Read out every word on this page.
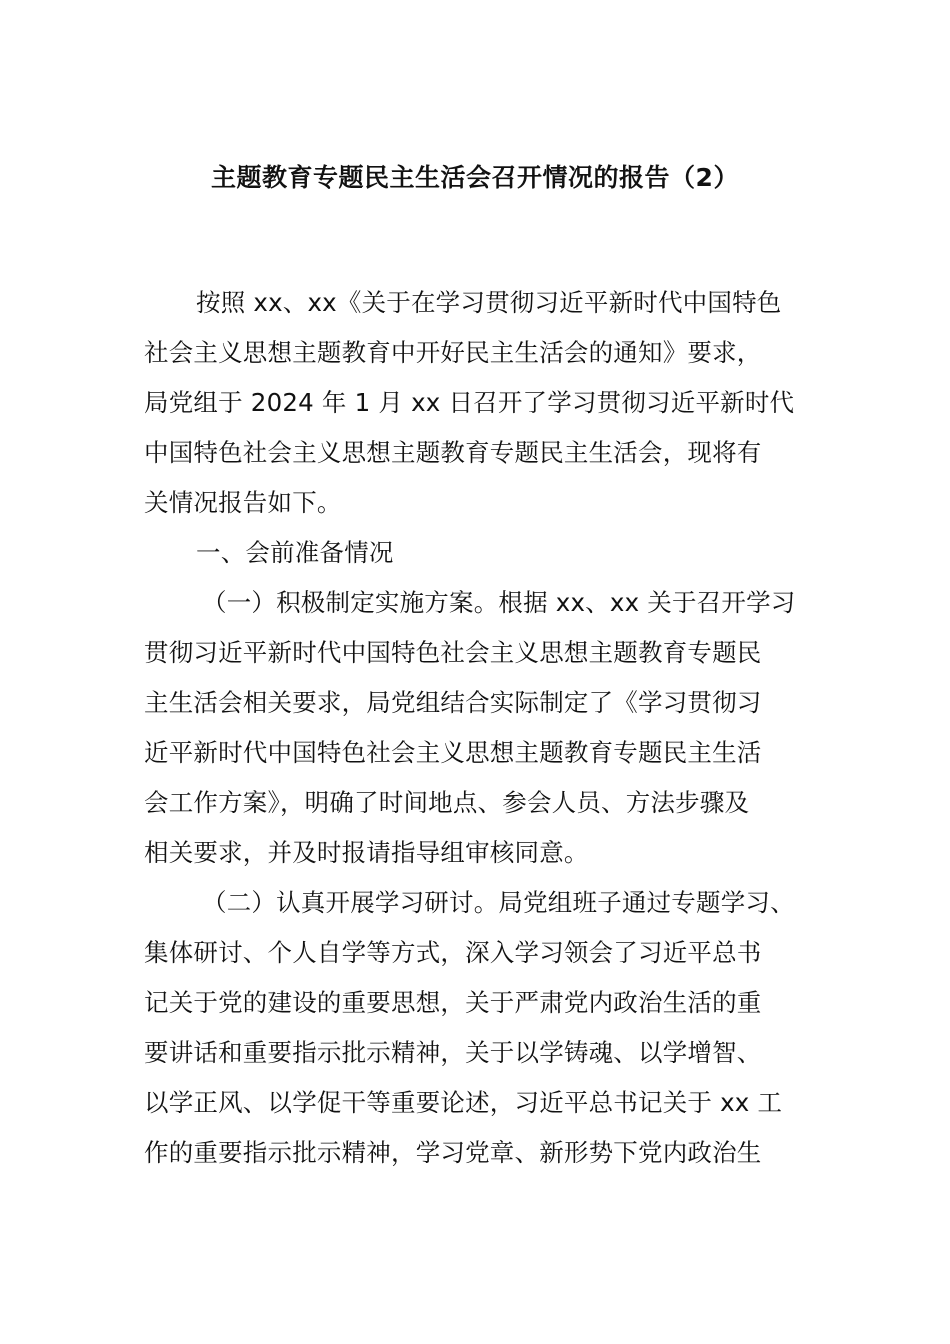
主题教育专题民主生活会召开情况的报告（2）
按照 xx、xx《关于在学习贯彻习近平新时代中国特色
社会主义思想主题教育中开好民主生活会的通知》要求，
局党组于 2024 年 1 月 xx 日召开了学习贯彻习近平新时代
中国特色社会主义思想主题教育专题民主生活会，现将有
关情况报告如下。
一、会前准备情况
（一）积极制定实施方案。根据 xx、xx 关于召开学习
贯彻习近平新时代中国特色社会主义思想主题教育专题民
主生活会相关要求，局党组结合实际制定了《学习贯彻习
近平新时代中国特色社会主义思想主题教育专题民主生活
会工作方案》，明确了时间地点、参会人员、方法步骤及
相关要求，并及时报请指导组审核同意。
（二）认真开展学习研讨。局党组班子通过专题学习、
集体研讨、个人自学等方式，深入学习领会了习近平总书
记关于党的建设的重要思想，关于严肃党内政治生活的重
要讲话和重要指示批示精神，关于以学铸魂、以学增智、
以学正风、以学促干等重要论述，习近平总书记关于 xx 工
作的重要指示批示精神，学习党章、新形势下党内政治生
